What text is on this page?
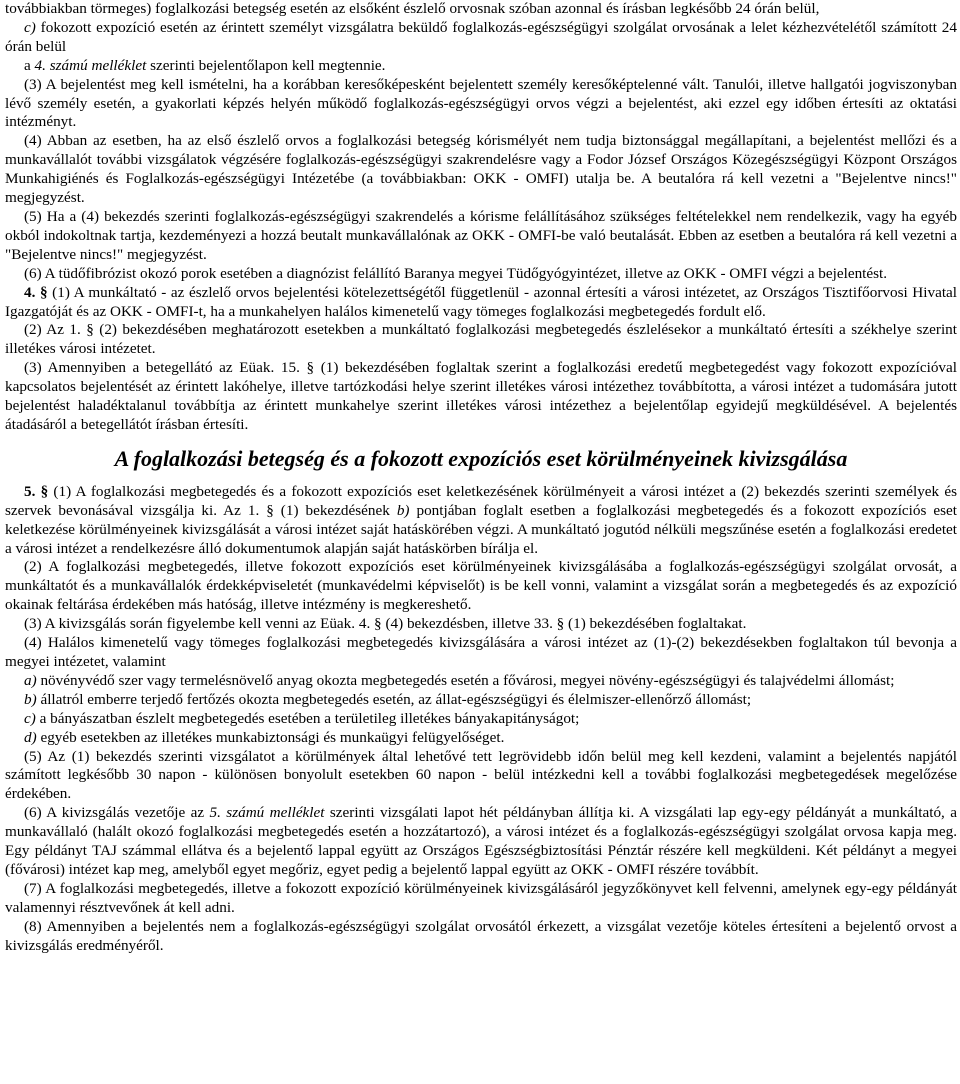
továbbiakban törmeges) foglalkozási betegség esetén az elsőként észlelő orvosnak szóban azonnal és írásban legkésőbb 24 órán belül,

c) fokozott expozíció esetén az érintett személyt vizsgálatra beküldő foglalkozás-egészségügyi szolgálat orvosának a lelet kézhezvételétől számított 24 órán belül

a 4. számú melléklet szerinti bejelentőlapon kell megtennie.

(3) A bejelentést meg kell ismételni, ha a korábban keresőképesként bejelentett személy keresőképtelenné vált. Tanulói, illetve hallgatói jogviszonyban lévő személy esetén, a gyakorlati képzés helyén működő foglalkozás-egészségügyi orvos végzi a bejelentést, aki ezzel egy időben értesíti az oktatási intézményt.

(4) Abban az esetben, ha az első észlelő orvos a foglalkozási betegség kórismélyét nem tudja biztonsággal megállapítani, a bejelentést mellőzi és a munkavállalót további vizsgálatok végzésére foglalkozás-egészségügyi szakrendelésre vagy a Fodor József Országos Közegészségügyi Központ Országos Munkahigiénés és Foglalkozás-egészségügyi Intézetébe (a továbbiakban: OKK - OMFI) utalja be. A beutalóra rá kell vezetni a "Bejelentve nincs!" megjegyzést.

(5) Ha a (4) bekezdés szerinti foglalkozás-egészségügyi szakrendelés a kórisme felállításához szükséges feltételekkel nem rendelkezik, vagy ha egyéb okból indokoltnak tartja, kezdeményezi a hozzá beutalt munkavállalónak az OKK - OMFI-be való beutalását. Ebben az esetben a beutalóra rá kell vezetni a "Bejelentve nincs!" megjegyzést.

(6) A tüdőfibrózist okozó porok esetében a diagnózist felállító Baranya megyei Tüdőgyógyintézet, illetve az OKK - OMFI végzi a bejelentést.

4. § (1) A munkáltató - az észlelő orvos bejelentési kötelezettségétől függetlenül - azonnal értesíti a városi intézetet, az Országos Tisztifőorvosi Hivatal Igazgatóját és az OKK - OMFI-t, ha a munkahelyen halálos kimenetelű vagy tömeges foglalkozási megbetegedés fordult elő.

(2) Az 1. § (2) bekezdésében meghatározott esetekben a munkáltató foglalkozási megbetegedés észlelésekor a munkáltató értesíti a székhelye szerint illetékes városi intézetet.

(3) Amennyiben a betegellátó az Eüak. 15. § (1) bekezdésében foglaltak szerint a foglalkozási eredetű megbetegedést vagy fokozott expozícióval kapcsolatos bejelentését az érintett lakóhelye, illetve tartózkodási helye szerint illetékes városi intézethez továbbította, a városi intézet a tudomására jutott bejelentést haladéktalanul továbbítja az érintett munkahelye szerint illetékes városi intézethez a bejelentőlap egyidejű megküldésével. A bejelentés átadásáról a betegellátót írásban értesíti.

A foglalkozási betegség és a fokozott expozíciós eset körülményeinek kivizsgálása

5. § (1) A foglalkozási megbetegedés és a fokozott expozíciós eset keletkezésének körülményeit a városi intézet a (2) bekezdés szerinti személyek és szervek bevonásával vizsgálja ki. Az 1. § (1) bekezdésének b) pontjában foglalt esetben a foglalkozási megbetegedés és a fokozott expozíciós eset keletkezése körülményeinek kivizsgálását a városi intézet saját hatáskörében végzi. A munkáltató jogutód nélküli megszűnése esetén a foglalkozási eredetet a városi intézet a rendelkezésre álló dokumentumok alapján saját hatáskörben bírálja el.

(2) A foglalkozási megbetegedés, illetve fokozott expozíciós eset körülményeinek kivizsgálásába a foglalkozás-egészségügyi szolgálat orvosát, a munkáltatót és a munkavállalók érdekképviseletét (munkavédelmi képviselőt) is be kell vonni, valamint a vizsgálat során a megbetegedés és az expozíció okainak feltárása érdekében más hatóság, illetve intézmény is megkereshető.

(3) A kivizsgálás során figyelembe kell venni az Eüak. 4. § (4) bekezdésben, illetve 33. § (1) bekezdésében foglaltakat.

(4) Halálos kimenetelű vagy tömeges foglalkozási megbetegedés kivizsgálására a városi intézet az (1)-(2) bekezdésekben foglaltakon túl bevonja a megyei intézetet, valamint

a) növényvédő szer vagy termelésnövelő anyag okozta megbetegedés esetén a fővárosi, megyei növény-egészségügyi és talajvédelmi állomást;

b) állatról emberre terjedő fertőzés okozta megbetegedés esetén, az állat-egészségügyi és élelmiszer-ellenőrző állomást;

c) a bányászatban észlelt megbetegedés esetében a területileg illetékes bányakapitányságot;

d) egyéb esetekben az illetékes munkabiztonsági és munkaügyi felügyelőséget.

(5) Az (1) bekezdés szerinti vizsgálatot a körülmények által lehetővé tett legrövidebb időn belül meg kell kezdeni, valamint a bejelentés napjától számított legkésőbb 30 napon - különösen bonyolult esetekben 60 napon - belül intézkedni kell a további foglalkozási megbetegedések megelőzése érdekében.

(6) A kivizsgálás vezetője az 5. számú melléklet szerinti vizsgálati lapot hét példányban állítja ki. A vizsgálati lap egy-egy példányát a munkáltató, a munkavállaló (halált okozó foglalkozási megbetegedés esetén a hozzátartozó), a városi intézet és a foglalkozás-egészségügyi szolgálat orvosa kapja meg. Egy példányt TAJ számmal ellátva és a bejelentő lappal együtt az Országos Egészségbiztosítási Pénztár részére kell megküldeni. Két példányt a megyei (fővárosi) intézet kap meg, amelyből egyet megőriz, egyet pedig a bejelentő lappal együtt az OKK - OMFI részére továbbít.

(7) A foglalkozási megbetegedés, illetve a fokozott expozíció körülményeinek kivizsgálásáról jegyzőkönyvet kell felvenni, amelynek egy-egy példányát valamennyi résztvevőnek át kell adni.

(8) Amennyiben a bejelentés nem a foglalkozás-egészségügyi szolgálat orvosától érkezett, a vizsgálat vezetője köteles értesíteni a bejelentő orvost a kivizsgálás eredményéről.
